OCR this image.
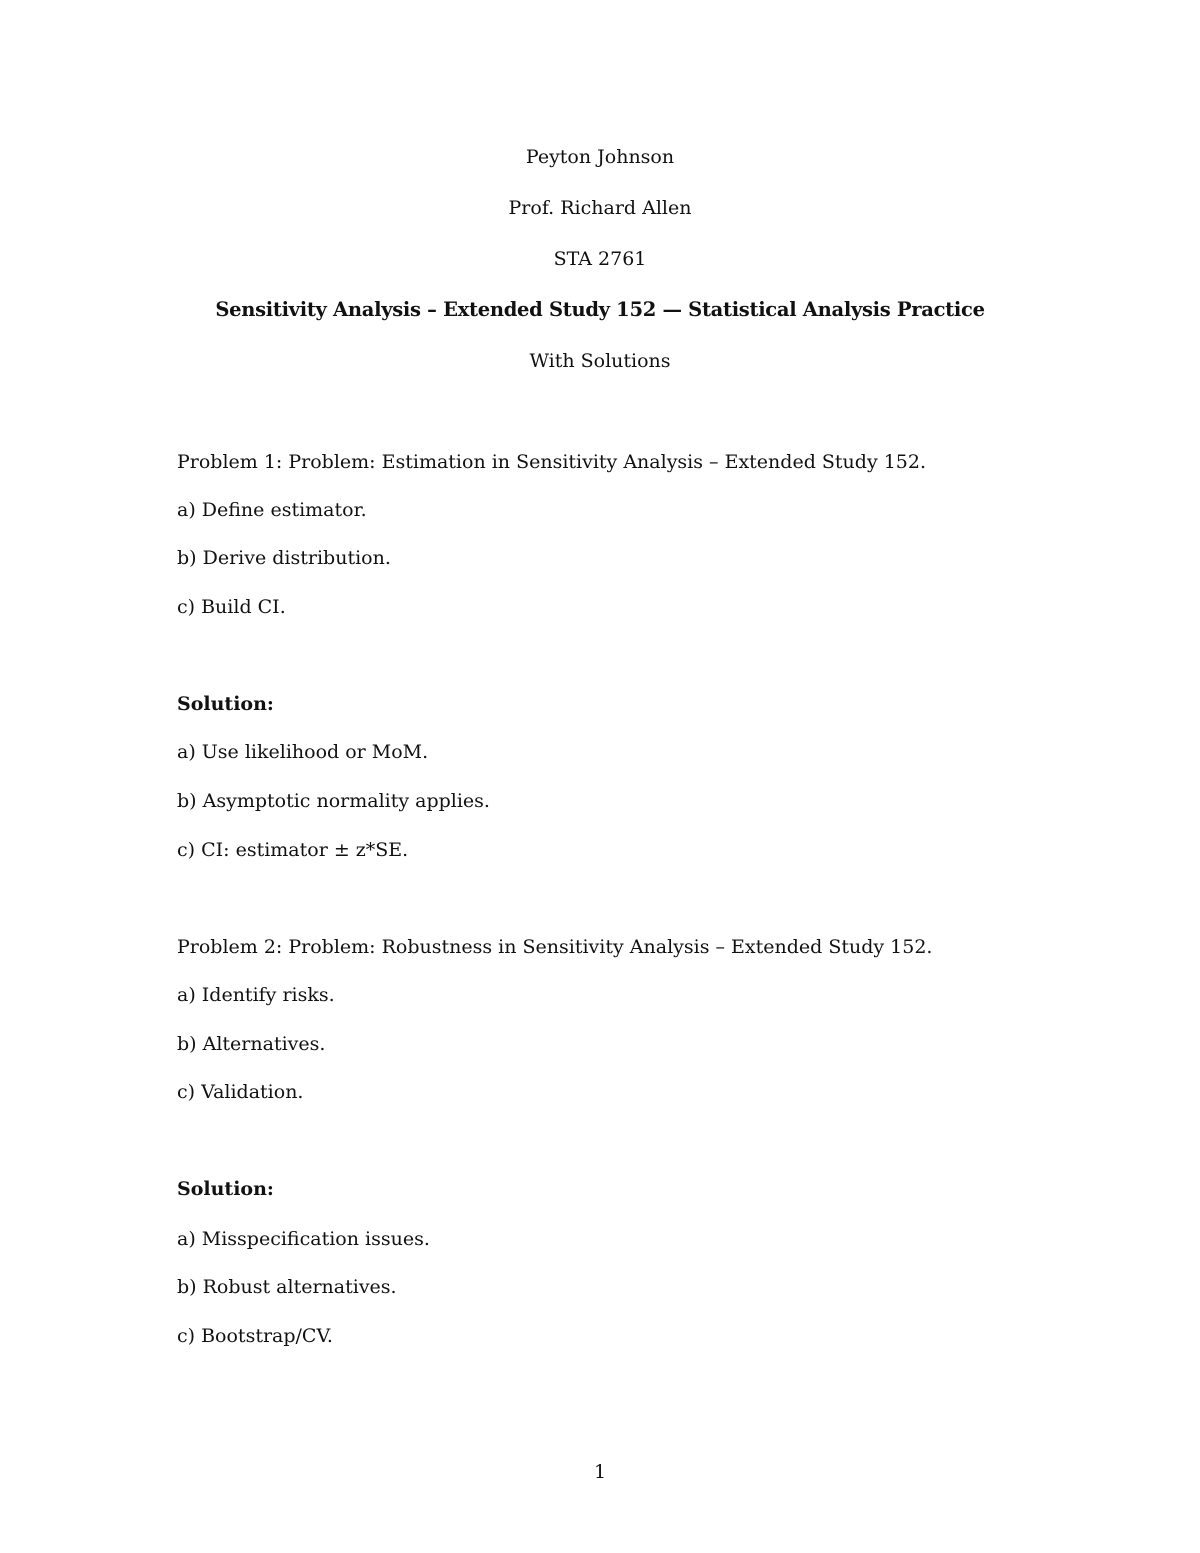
Peyton Johnson

Prof. Richard Allen

STA 2761

Sensitivity Analysis – Extended Study 152 — Statistical Analysis Practice

With Solutions

Problem 1: Problem: Estimation in Sensitivity Analysis – Extended Study 152.

a) Define estimator.

b) Derive distribution.

c) Build CI.

Solution:

a) Use likelihood or MoM.

b) Asymptotic normality applies.

c) CI: estimator ± z*SE.

Problem 2: Problem: Robustness in Sensitivity Analysis – Extended Study 152.

a) Identify risks.

b) Alternatives.

c) Validation.

Solution:

a) Misspecification issues.

b) Robust alternatives.

c) Bootstrap/CV.

1
